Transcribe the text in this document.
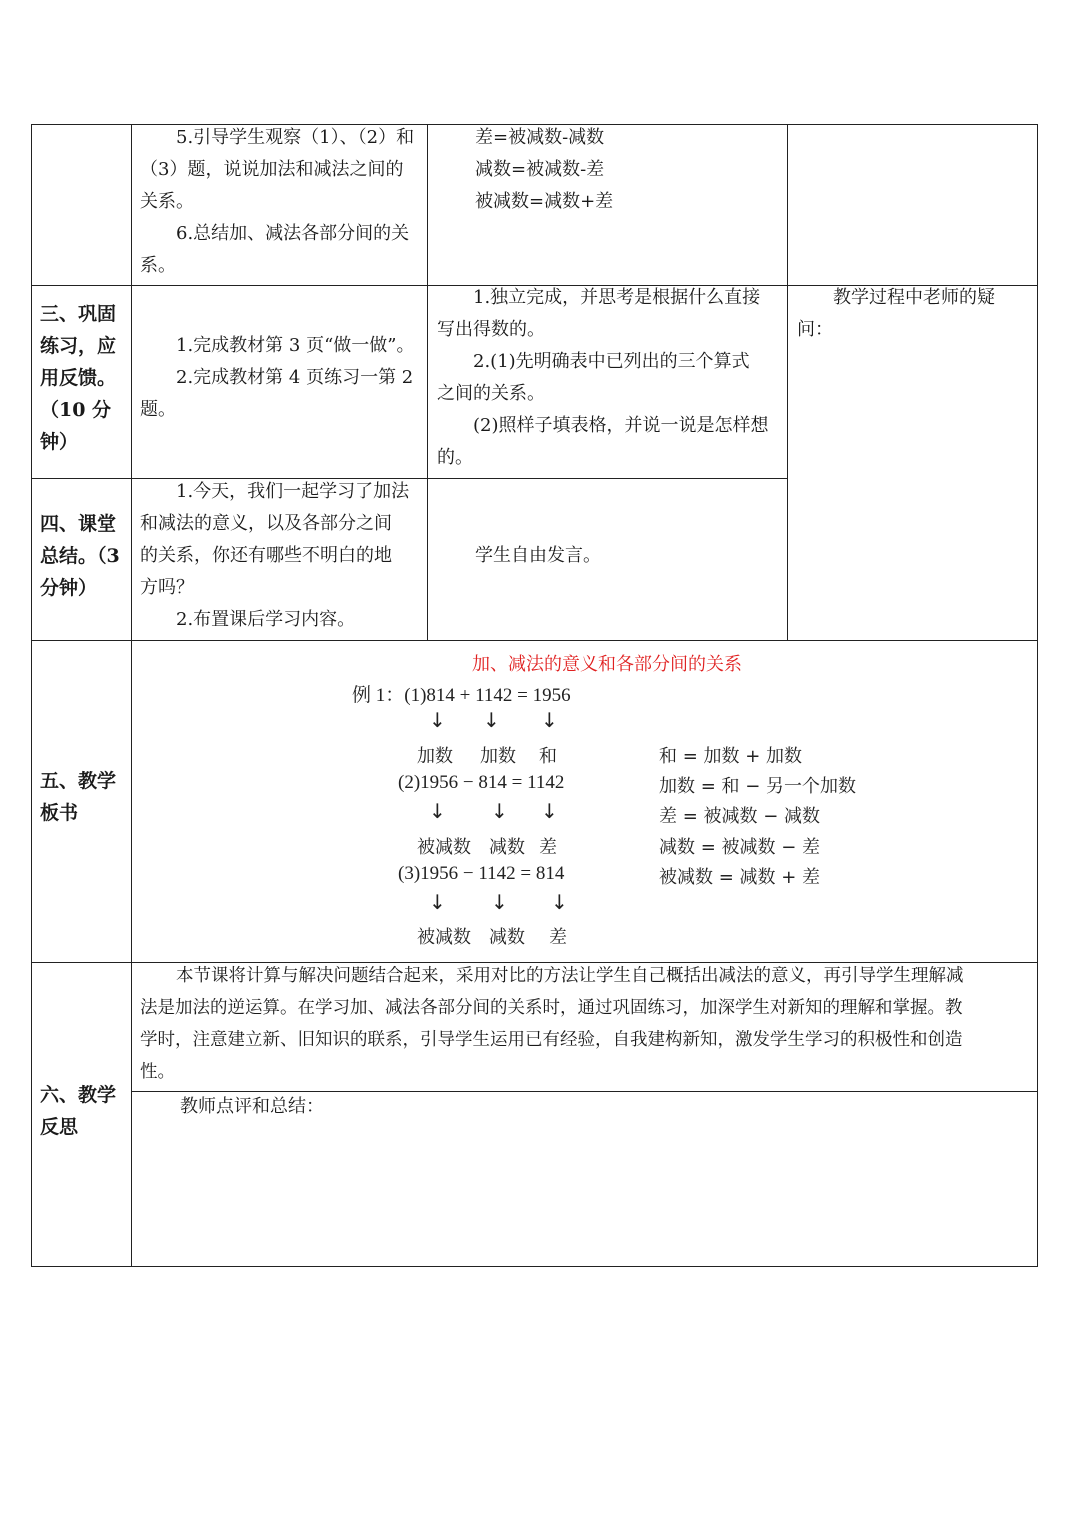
5.引导学生观察（1）、（2）和

（3）题，说说加法和减法之间的

关系。

6.总结加、减法各部分间的关

系。

差=被减数-减数

减数=被减数-差

被减数=减数+差

三、巩固

练习，应

用反馈。

（10 分

钟）

1.完成教材第 3 页“做一做”。

2.完成教材第 4 页练习一第 2

题。

1.独立完成，并思考是根据什么直接

写出得数的。

2.(1)先明确表中已列出的三个算式

之间的关系。

(2)照样子填表格，并说一说是怎样想

的。

教学过程中老师的疑

问：

四、课堂

总结。（3

分钟）

1.今天，我们一起学习了加法

和减法的意义，以及各部分之间

的关系，你还有哪些不明白的地

方吗？

2.布置课后学习内容。

学生自由发言。

五、教学

板书

加、减法的意义和各部分间的关系
例 1：(1)814 + 1142 = 1956
↓ ↓ ↓
加数 加数 和
(2)1956 − 814 = 1142
↓ ↓ ↓
被减数 减数 差
(3)1956 − 1142 = 814
↓ ↓ ↓
被减数 减数 差
和 = 加数 + 加数
加数 = 和 − 另一个加数
差 = 被减数 − 减数
减数 = 被减数 − 差
被减数 = 减数 + 差

六、教学

反思

本节课将计算与解决问题结合起来，采用对比的方法让学生自己概括出减法的意义，再引导学生理解减

法是加法的逆运算。在学习加、减法各部分间的关系时，通过巩固练习，加深学生对新知的理解和掌握。教

学时，注意建立新、旧知识的联系，引导学生运用已有经验，自我建构新知，激发学生学习的积极性和创造

性。

教师点评和总结：
